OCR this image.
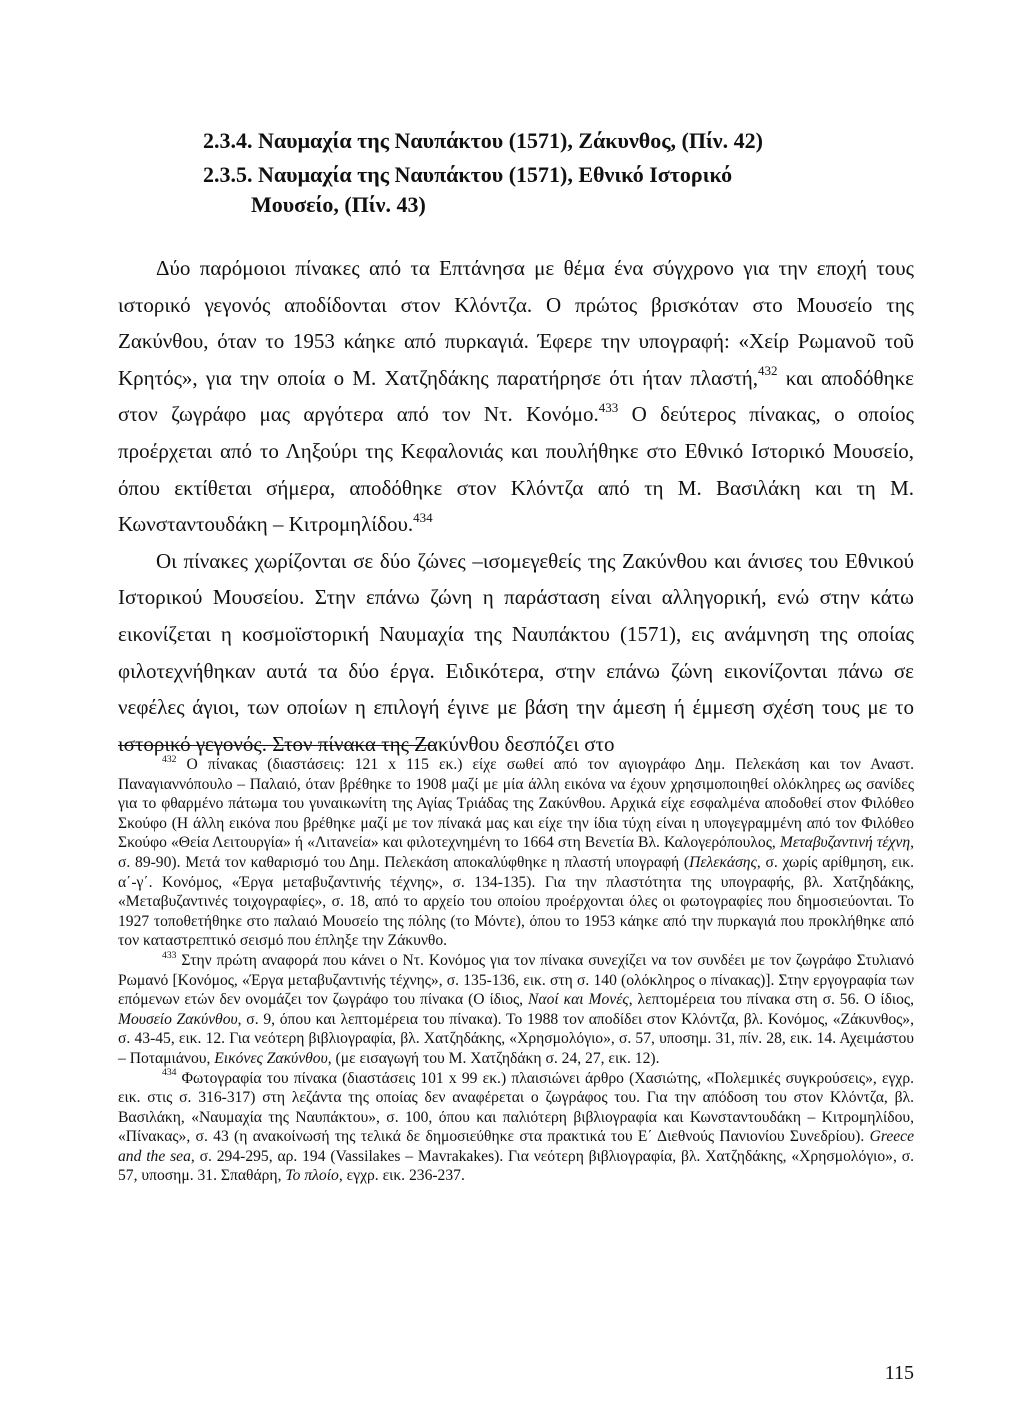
2.3.4. Ναυμαχία της Ναυπάκτου (1571), Ζάκυνθος, (Πίν. 42)
2.3.5. Ναυμαχία της Ναυπάκτου (1571), Εθνικό Ιστορικό
Μουσείο, (Πίν. 43)

Δύο παρόμοιοι πίνακες από τα Επτάνησα με θέμα ένα σύγχρονο για την εποχή τους ιστορικό γεγονός αποδίδονται στον Κλόντζα. Ο πρώτος βρισκόταν στο Μουσείο της Ζακύνθου, όταν το 1953 κάηκε από πυρκαγιά. Έφερε την υπογραφή: «Χείρ Ρωμανοῦ τοῦ Κρητός», για την οποία ο Μ. Χατζηδάκης παρατήρησε ότι ήταν πλαστή,$^{432}$ και αποδόθηκε στον ζωγράφο μας αργότερα από τον Ντ. Κονόμο.$^{433}$ Ο δεύτερος πίνακας, ο οποίος προέρχεται από το Ληξούρι της Κεφαλονιάς και πουλήθηκε στο Εθνικό Ιστορικό Μουσείο, όπου εκτίθεται σήμερα, αποδόθηκε στον Κλόντζα από τη Μ. Βασιλάκη και τη Μ. Κωνσταντουδάκη – Κιτρομηλίδου.$^{434}$

Οι πίνακες χωρίζονται σε δύο ζώνες –ισομεγεθείς της Ζακύνθου και άνισες του Εθνικού Ιστορικού Μουσείου. Στην επάνω ζώνη η παράσταση είναι αλληγορική, ενώ στην κάτω εικονίζεται η κοσμοϊστορική Ναυμαχία της Ναυπάκτου (1571), εις ανάμνηση της οποίας φιλοτεχνήθηκαν αυτά τα δύο έργα. Ειδικότερα, στην επάνω ζώνη εικονίζονται πάνω σε νεφέλες άγιοι, των οποίων η επιλογή έγινε με βάση την άμεση ή έμμεση σχέση τους με το ιστορικό γεγονός. Στον πίνακα της Ζακύνθου δεσπόζει στο

$^{432}$ Ο πίνακας (διαστάσεις: 121 x 115 εκ.) είχε σωθεί από τον αγιογράφο Δημ. Πελεκάση και τον Αναστ. Παναγιαννόπουλο – Παλαιό, όταν βρέθηκε το 1908 μαζί με μία άλλη εικόνα να έχουν χρησιμοποιηθεί ολόκληρες ως σανίδες για το φθαρμένο πάτωμα του γυναικωνίτη της Αγίας Τριάδας της Ζακύνθου. Αρχικά είχε εσφαλμένα αποδοθεί στον Φιλόθεο Σκούφο (Η άλλη εικόνα που βρέθηκε μαζί με τον πίνακά μας και είχε την ίδια τύχη είναι η υπογεγραμμένη από τον Φιλόθεο Σκούφο «Θεία Λειτουργία» ή «Λιτανεία» και φιλοτεχνημένη το 1664 στη Βενετία Βλ. Καλογερόπουλος, Μεταβυζαντινή τέχνη, σ. 89-90). Μετά τον καθαρισμό του Δημ. Πελεκάση αποκαλύφθηκε η πλαστή υπογραφή (Πελεκάσης, σ. χωρίς αρίθμηση, εικ. α΄-γ΄. Κονόμος, «Έργα μεταβυζαντινής τέχνης», σ. 134-135). Για την πλαστότητα της υπογραφής, βλ. Χατζηδάκης, «Μεταβυζαντινές τοιχογραφίες», σ. 18, από το αρχείο του οποίου προέρχονται όλες οι φωτογραφίες που δημοσιεύονται. Το 1927 τοποθετήθηκε στο παλαιό Μουσείο της πόλης (το Μόντε), όπου το 1953 κάηκε από την πυρκαγιά που προκλήθηκε από τον καταστρεπτικό σεισμό που έπληξε την Ζάκυνθο.

$^{433}$ Στην πρώτη αναφορά που κάνει ο Ντ. Κονόμος για τον πίνακα συνεχίζει να τον συνδέει με τον ζωγράφο Στυλιανό Ρωμανό [Κονόμος, «Έργα μεταβυζαντινής τέχνης», σ. 135-136, εικ. στη σ. 140 (ολόκληρος ο πίνακας)]. Στην εργογραφία των επόμενων ετών δεν ονομάζει τον ζωγράφο του πίνακα (Ο ίδιος, Ναοί και Μονές, λεπτομέρεια του πίνακα στη σ. 56. Ο ίδιος, Μουσείο Ζακύνθου, σ. 9, όπου και λεπτομέρεια του πίνακα). Το 1988 τον αποδίδει στον Κλόντζα, βλ. Κονόμος, «Ζάκυνθος», σ. 43-45, εικ. 12. Για νεότερη βιβλιογραφία, βλ. Χατζηδάκης, «Χρησμολόγιο», σ. 57, υποσημ. 31, πίν. 28, εικ. 14. Αχειμάστου – Ποταμιάνου, Εικόνες Ζακύνθου, (με εισαγωγή του Μ. Χατζηδάκη σ. 24, 27, εικ. 12).

$^{434}$ Φωτογραφία του πίνακα (διαστάσεις 101 x 99 εκ.) πλαισιώνει άρθρο (Χασιώτης, «Πολεμικές συγκρούσεις», εγχρ. εικ. στις σ. 316-317) στη λεζάντα της οποίας δεν αναφέρεται ο ζωγράφος του. Για την απόδοση του στον Κλόντζα, βλ. Βασιλάκη, «Ναυμαχία της Ναυπάκτου», σ. 100, όπου και παλιότερη βιβλιογραφία και Κωνσταντουδάκη – Κιτρομηλίδου, «Πίνακας», σ. 43 (η ανακοίνωσή της τελικά δε δημοσιεύθηκε στα πρακτικά του Ε΄ Διεθνούς Πανιονίου Συνεδρίου). Greece and the sea, σ. 294-295, αρ. 194 (Vassilakes – Mavrakakes). Για νεότερη βιβλιογραφία, βλ. Χατζηδάκης, «Χρησμολόγιο», σ. 57, υποσημ. 31. Σπαθάρη, Το πλοίο, εγχρ. εικ. 236-237.

115
